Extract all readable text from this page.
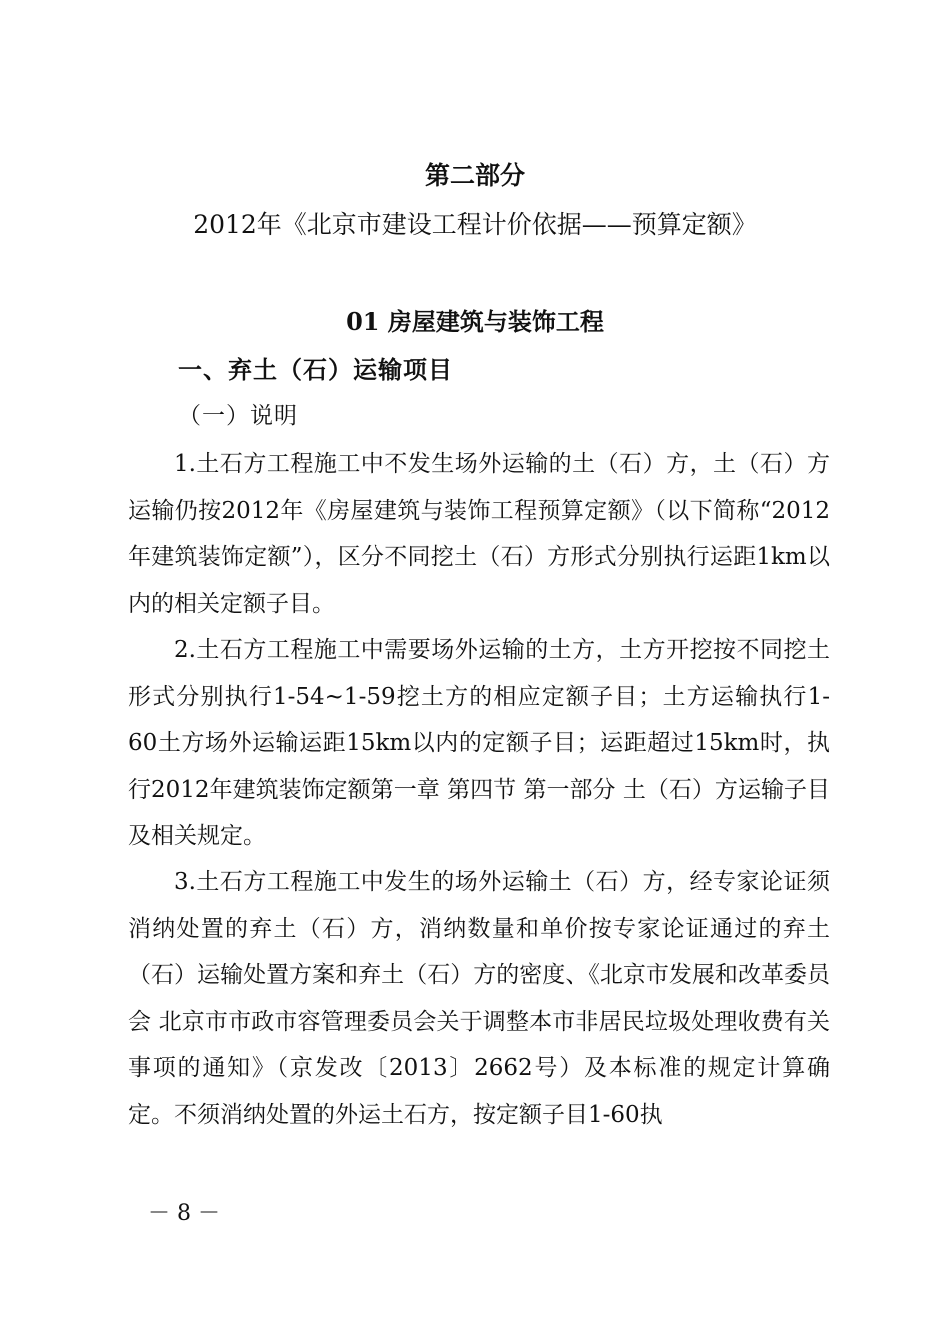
第二部分
2012年《北京市建设工程计价依据——预算定额》
01 房屋建筑与装饰工程
一、弃土（石）运输项目
（一）说明

1.土石方工程施工中不发生场外运输的土（石）方，土（石）方运输仍按2012年《房屋建筑与装饰工程预算定额》（以下简称“2012年建筑装饰定额”），区分不同挖土（石）方形式分别执行运距1km以内的相关定额子目。

2.土石方工程施工中需要场外运输的土方，土方开挖按不同挖土形式分别执行1-54~1-59挖土方的相应定额子目；土方运输执行1-60土方场外运输运距15km以内的定额子目；运距超过15km时，执行2012年建筑装饰定额第一章 第四节 第一部分 土（石）方运输子目及相关规定。

3.土石方工程施工中发生的场外运输土（石）方，经专家论证须消纳处置的弃土（石）方，消纳数量和单价按专家论证通过的弃土（石）运输处置方案和弃土（石）方的密度、《北京市发展和改革委员会 北京市市政市容管理委员会关于调整本市非居民垃圾处理收费有关事项的通知》（京发改〔2013〕2662号）及本标准的规定计算确定。不须消纳处置的外运土石方，按定额子目1-60执

－ 8 －
